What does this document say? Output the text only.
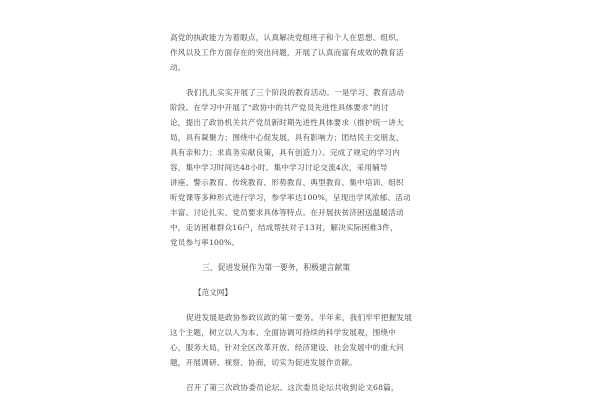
高党的执政能力为着眼点，认真解决党组班子和个人在思想、组织、
作风以及工作方面存在的突出问题，开展了认真而富有成效的教育活
动。
我们扎扎实实开展了三个阶段的教育活动。一是学习、教育活动
阶段。在学习中开展了“政协中的共产党员先进性具体要求”的讨
论，提出了政协机关共产党员新时期先进性具体要求（推护统一讲大
局，具有凝聚力；围绕中心促发展，具有影响力；团结民主交朋友，
具有亲和力；求真务实献良策，具有创造力）。完成了规定的学习内
容，集中学习时间达48小时。集中学习讨论交流4次，采用辅导
讲座、警示教育、传统教育、形势教育、典型教育、集中培训、组织
听党课等多种形式进行学习，参学率达100%，呈现出学风浓郁、活动
丰富、讨论扎实、党员要求具体等特点。在开展扶贫济困送温暖活动
中，走访困难群众16户，结成帮扶对子13对，解决实际困难3件，
党员参与率100%。
三、促进发展作为第一要务，积极建言献策
【范文网】
促进发展是政协参政议政的第一要务。半年来，我们牢牢把握发展
这个主题，树立以人为本、全面协调可持续的科学发展观，围绕中
心，服务大局，针对全区改革开放、经济建设、社会发展中的重大问
题，开展调研、视察、协商，切实为促进发展作贡献。
召开了第三次政协委员论坛。这次委员论坛共收到论文68篇，
